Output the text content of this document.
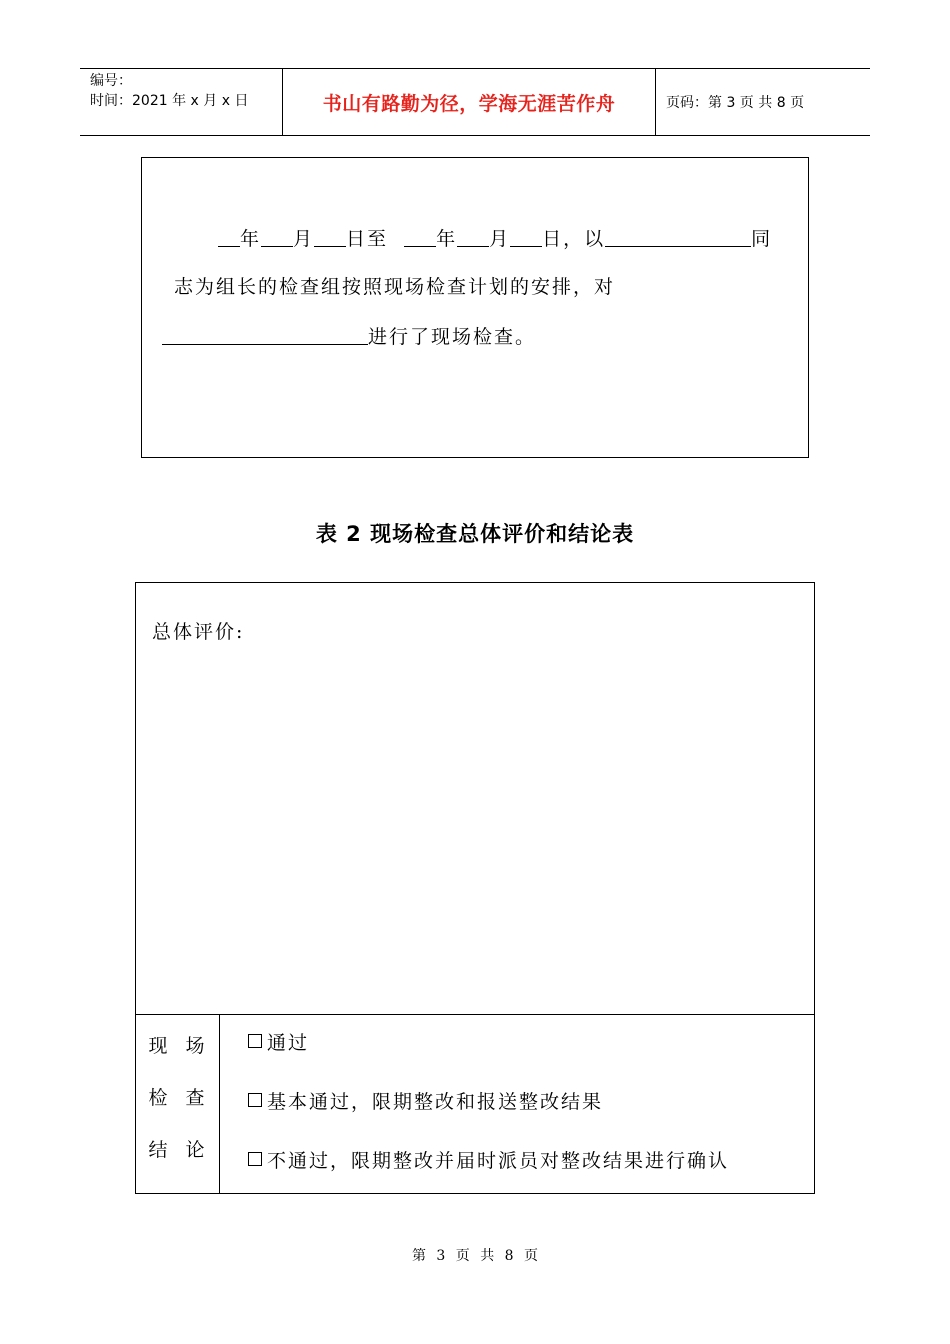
编号：
时间：2021 年 x 月 x 日	书山有路勤为径，学海无涯苦作舟	页码：第 3 页 共 8 页
年 月 日至	年 月 日，以	同
志为组长的检查组按照现场检查计划的安排，对
进行了现场检查。
表 2 现场检查总体评价和结论表
总体评价:
现 场
检 查
结 论
通过
基本通过，限期整改和报送整改结果
不通过，限期整改并届时派员对整改结果进行确认
第 3 页 共 8 页
